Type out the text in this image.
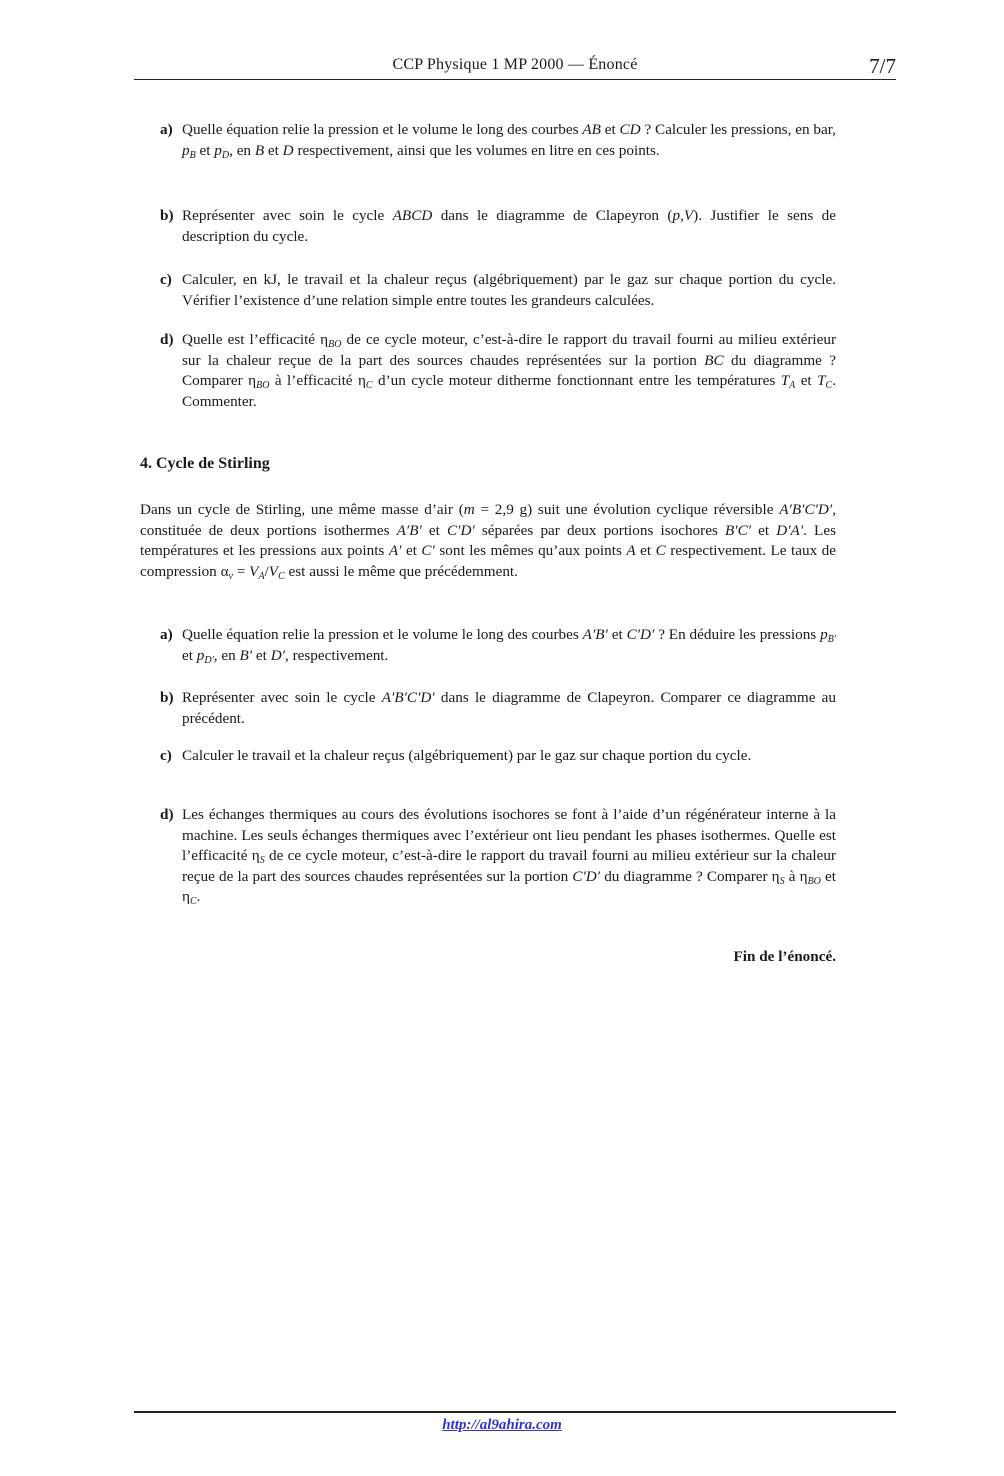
CCP Physique 1 MP 2000 — Énoncé	7/7
a) Quelle équation relie la pression et le volume le long des courbes AB et CD ? Calculer les pressions, en bar, $p_B$ et $p_D$, en B et D respectivement, ainsi que les volumes en litre en ces points.
b) Représenter avec soin le cycle ABCD dans le diagramme de Clapeyron (p,V). Justifier le sens de description du cycle.
c) Calculer, en kJ, le travail et la chaleur reçus (algébriquement) par le gaz sur chaque portion du cycle. Vérifier l’existence d’une relation simple entre toutes les grandeurs calculées.
d) Quelle est l’efficacité $\eta_{BO}$ de ce cycle moteur, c’est-à-dire le rapport du travail fourni au milieu extérieur sur la chaleur reçue de la part des sources chaudes représentées sur la portion BC du diagramme ? Comparer $\eta_{BO}$ à l’efficacité $\eta_C$ d’un cycle moteur ditherme fonctionnant entre les températures $T_A$ et $T_C$. Commenter.
4. Cycle de Stirling
Dans un cycle de Stirling, une même masse d’air (m = 2,9 g) suit une évolution cyclique réversible A′B′C′D′, constituée de deux portions isothermes A′B′ et C′D′ séparées par deux portions isochores B′C′ et D′A′. Les températures et les pressions aux points A′ et C′ sont les mêmes qu’aux points A et C respectivement. Le taux de compression $\alpha_v = V_A/V_C$ est aussi le même que précédemment.
a) Quelle équation relie la pression et le volume le long des courbes A′B′ et C′D′ ? En déduire les pressions $p_{B'}$ et $p_{D'}$, en B′ et D′, respectivement.
b) Représenter avec soin le cycle A′B′C′D′ dans le diagramme de Clapeyron. Comparer ce diagramme au précédent.
c) Calculer le travail et la chaleur reçus (algébriquement) par le gaz sur chaque portion du cycle.
d) Les échanges thermiques au cours des évolutions isochores se font à l’aide d’un régénérateur interne à la machine. Les seuls échanges thermiques avec l’extérieur ont lieu pendant les phases isothermes. Quelle est l’efficacité $\eta_S$ de ce cycle moteur, c’est-à-dire le rapport du travail fourni au milieu extérieur sur la chaleur reçue de la part des sources chaudes représentées sur la portion C′D′ du diagramme ? Comparer $\eta_S$ à $\eta_{BO}$ et $\eta_C$.
Fin de l’énoncé.
http://al9ahira.com
